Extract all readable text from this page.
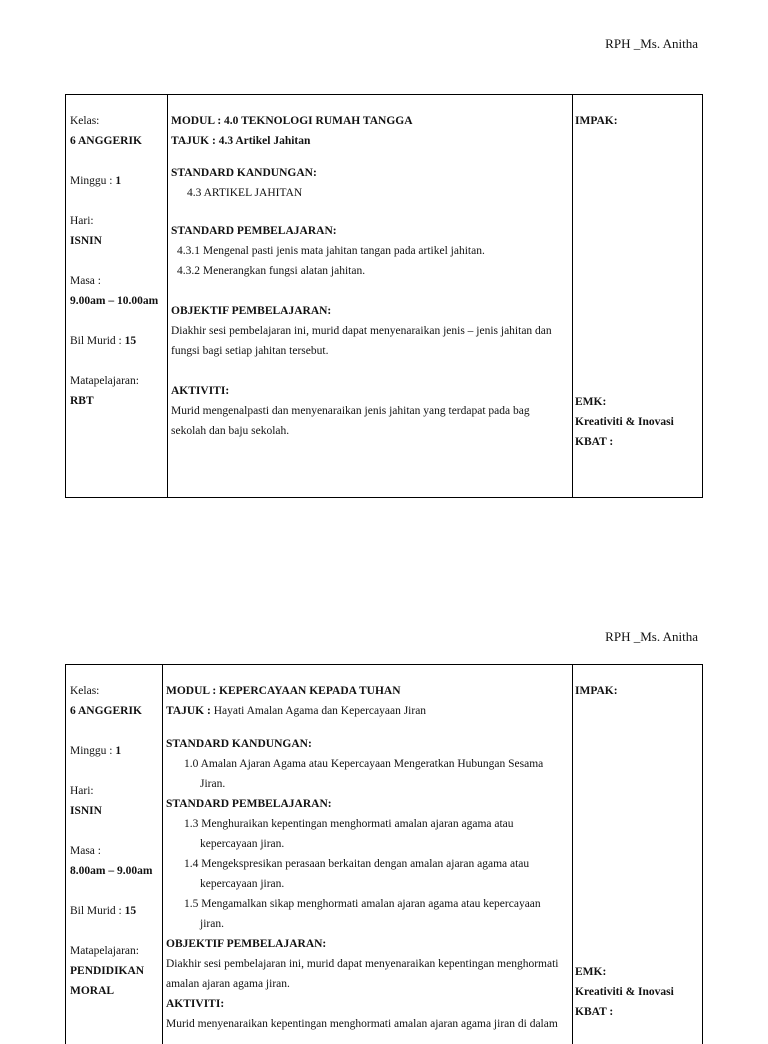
RPH _Ms. Anitha
Kelas:
6 ANGGERIK
Minggu : 1
Hari:
ISNIN
Masa :
9.00am – 10.00am
Bil Murid : 15
Matapelajaran:
RBT
MODUL : 4.0 TEKNOLOGI RUMAH TANGGA
TAJUK : 4.3 Artikel Jahitan
STANDARD KANDUNGAN:
4.3 ARTIKEL JAHITAN
STANDARD PEMBELAJARAN:
4.3.1 Mengenal pasti jenis mata jahitan tangan pada artikel jahitan.
4.3.2 Menerangkan fungsi alatan jahitan.
OBJEKTIF PEMBELAJARAN:
Diakhir sesi pembelajaran ini, murid dapat menyenaraikan jenis – jenis jahitan dan
fungsi bagi setiap jahitan tersebut.
AKTIVITI:
Murid mengenalpasti dan menyenaraikan jenis jahitan yang terdapat pada bag
sekolah dan baju sekolah.
IMPAK:
EMK:
Kreativiti & Inovasi
KBAT :
RPH _Ms. Anitha
Kelas:
6 ANGGERIK
Minggu : 1
Hari:
ISNIN
Masa :
8.00am – 9.00am
Bil Murid : 15
Matapelajaran:
PENDIDIKAN
MORAL
MODUL : KEPERCAYAAN KEPADA TUHAN
TAJUK : Hayati Amalan Agama dan Kepercayaan Jiran
STANDARD KANDUNGAN:
1.0 Amalan Ajaran Agama atau Kepercayaan Mengeratkan Hubungan Sesama
Jiran.
STANDARD PEMBELAJARAN:
1.3 Menghuraikan kepentingan menghormati amalan ajaran agama atau
kepercayaan jiran.
1.4 Mengekspresikan perasaan berkaitan dengan amalan ajaran agama atau
kepercayaan jiran.
1.5 Mengamalkan sikap menghormati amalan ajaran agama atau kepercayaan
jiran.
OBJEKTIF PEMBELAJARAN:
Diakhir sesi pembelajaran ini, murid dapat menyenaraikan kepentingan menghormati
amalan ajaran agama jiran.
AKTIVITI:
Murid menyenaraikan kepentingan menghormati amalan ajaran agama jiran di dalam
IMPAK:
EMK:
Kreativiti & Inovasi
KBAT :
